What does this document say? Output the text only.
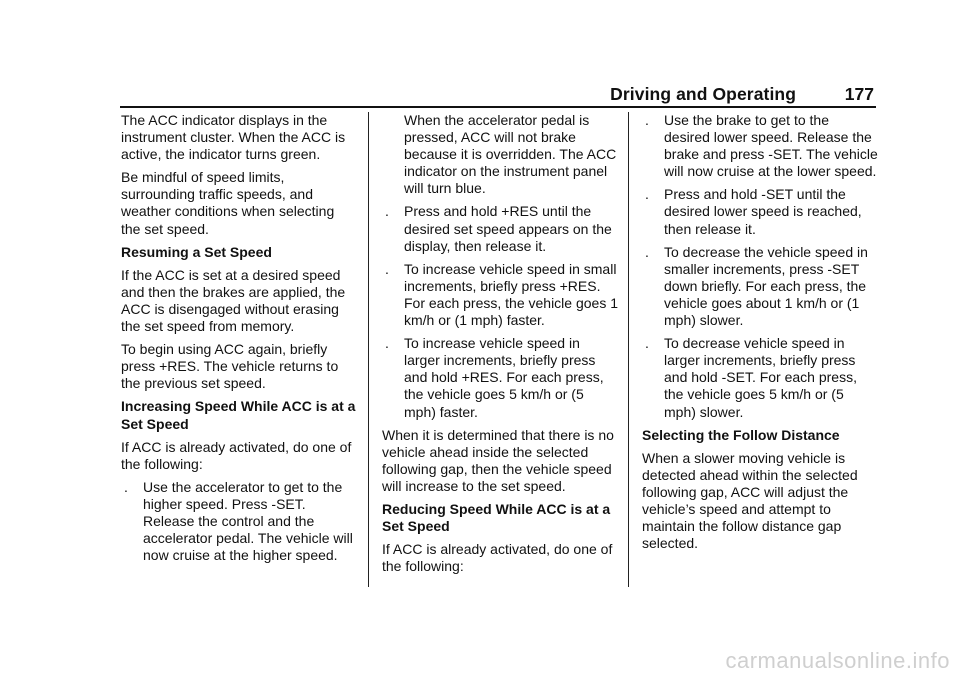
Driving and Operating	177

The ACC indicator displays in the instrument cluster. When the ACC is active, the indicator turns green.

Be mindful of speed limits, surrounding traffic speeds, and weather conditions when selecting the set speed.

Resuming a Set Speed

If the ACC is set at a desired speed and then the brakes are applied, the ACC is disengaged without erasing the set speed from memory.

To begin using ACC again, briefly press +RES. The vehicle returns to the previous set speed.

Increasing Speed While ACC is at a Set Speed

If ACC is already activated, do one of the following:

. Use the accelerator to get to the higher speed. Press -SET. Release the control and the accelerator pedal. The vehicle will now cruise at the higher speed.

When the accelerator pedal is pressed, ACC will not brake because it is overridden. The ACC indicator on the instrument panel will turn blue.

. Press and hold +RES until the desired set speed appears on the display, then release it.
. To increase vehicle speed in small increments, briefly press +RES. For each press, the vehicle goes 1 km/h or (1 mph) faster.
. To increase vehicle speed in larger increments, briefly press and hold +RES. For each press, the vehicle goes 5 km/h or (5 mph) faster.

When it is determined that there is no vehicle ahead inside the selected following gap, then the vehicle speed will increase to the set speed.

Reducing Speed While ACC is at a Set Speed

If ACC is already activated, do one of the following:

. Use the brake to get to the desired lower speed. Release the brake and press -SET. The vehicle will now cruise at the lower speed.
. Press and hold -SET until the desired lower speed is reached, then release it.
. To decrease the vehicle speed in smaller increments, press -SET down briefly. For each press, the vehicle goes about 1 km/h or (1 mph) slower.
. To decrease vehicle speed in larger increments, briefly press and hold -SET. For each press, the vehicle goes 5 km/h or (5 mph) slower.

Selecting the Follow Distance

When a slower moving vehicle is detected ahead within the selected following gap, ACC will adjust the vehicle’s speed and attempt to maintain the follow distance gap selected.

carmanualsonline.info
